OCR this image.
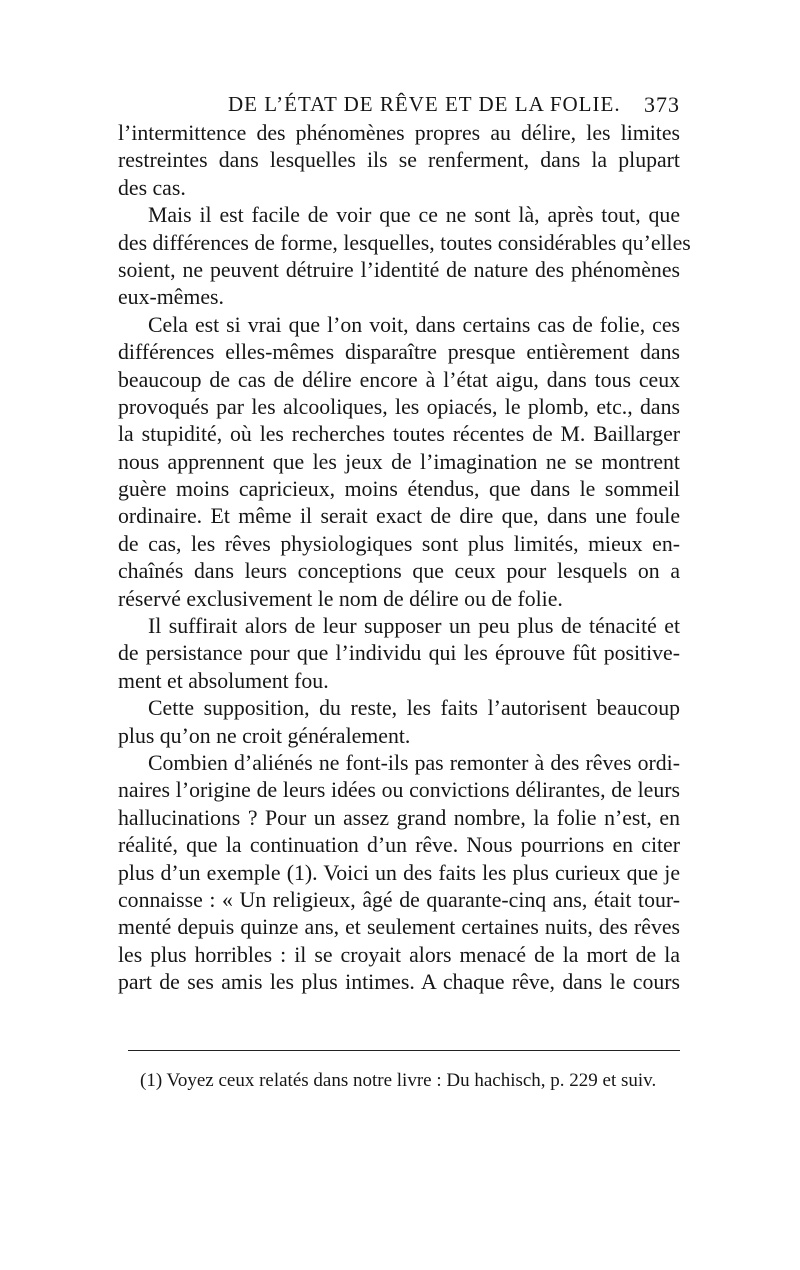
DE L’ÉTAT DE RÊVE ET DE LA FOLIE. 373
l’intermittence des phénomènes propres au délire, les limites
restreintes dans lesquelles ils se renferment, dans la plupart
des cas.
Mais il est facile de voir que ce ne sont là, après tout, que
des différences de forme, lesquelles, toutes considérables qu’elles
soient, ne peuvent détruire l’identité de nature des phénomènes
eux-mêmes.
Cela est si vrai que l’on voit, dans certains cas de folie, ces
différences elles-mêmes disparaître presque entièrement dans
beaucoup de cas de délire encore à l’état aigu, dans tous ceux
provoqués par les alcooliques, les opiacés, le plomb, etc., dans
la stupidité, où les recherches toutes récentes de M. Baillarger
nous apprennent que les jeux de l’imagination ne se montrent
guère moins capricieux, moins étendus, que dans le sommeil
ordinaire. Et même il serait exact de dire que, dans une foule
de cas, les rêves physiologiques sont plus limités, mieux en-
chaînés dans leurs conceptions que ceux pour lesquels on a
réservé exclusivement le nom de délire ou de folie.
Il suffirait alors de leur supposer un peu plus de ténacité et
de persistance pour que l’individu qui les éprouve fût positive-
ment et absolument fou.
Cette supposition, du reste, les faits l’autorisent beaucoup
plus qu’on ne croit généralement.
Combien d’aliénés ne font-ils pas remonter à des rêves ordi-
naires l’origine de leurs idées ou convictions délirantes, de leurs
hallucinations ? Pour un assez grand nombre, la folie n’est, en
réalité, que la continuation d’un rêve. Nous pourrions en citer
plus d’un exemple (1). Voici un des faits les plus curieux que je
connaisse : « Un religieux, âgé de quarante-cinq ans, était tour-
menté depuis quinze ans, et seulement certaines nuits, des rêves
les plus horribles : il se croyait alors menacé de la mort de la
part de ses amis les plus intimes. A chaque rêve, dans le cours
(1) Voyez ceux relatés dans notre livre : Du hachisch, p. 229 et suiv.
